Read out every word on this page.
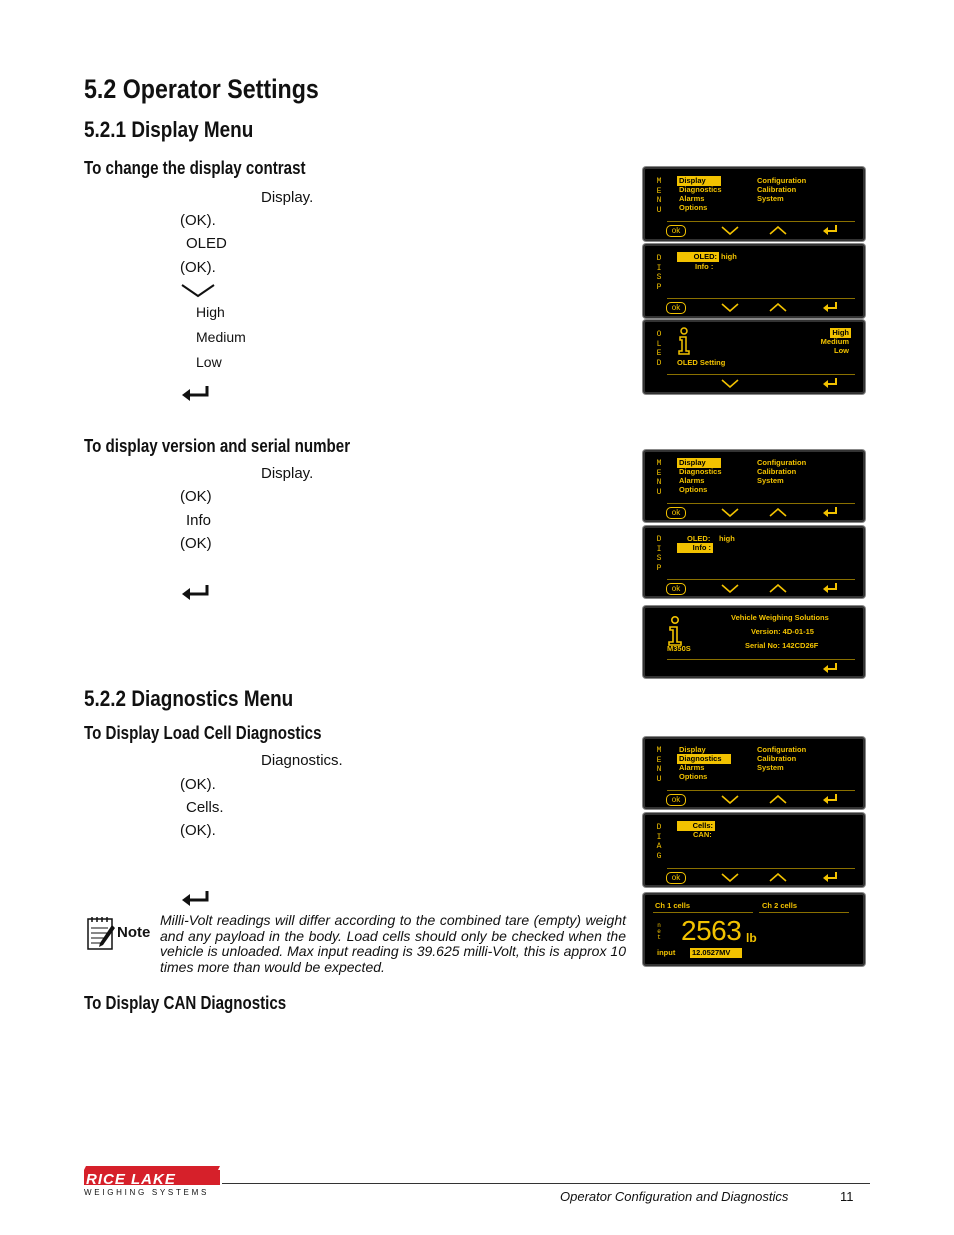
5.2 Operator Settings
5.2.1 Display Menu
To change the display contrast
Display.
(OK).
OLED
(OK).
High
Medium
Low
To display version and serial number
Display.
(OK)
Info
(OK)
5.2.2 Diagnostics Menu
To Display Load Cell Diagnostics
Diagnostics.
(OK).
Cells.
(OK).
Note
Milli-Volt readings will differ according to the combined tare (empty) weight and any payload in the body. Load cells should only be checked when the vehicle is unloaded. Max input reading is 39.625 milli-Volt, this is approx 10 times more than would be expected.
To Display CAN Diagnostics
M
E
N
U
Display
Diagnostics
Alarms
Options
Configuration
Calibration
System
ok
D
I
S
P
OLED: high
Info :
ok
O
L
E
D OLED Setting
High
Medium
Low
M
E
N
U
Display
Diagnostics
Alarms
Options
Configuration
Calibration
System
ok
D
I
S
P
OLED: high
Info :
ok
M350S
Vehicle Weighing Solutions
Version: 4D-01-15
Serial No: 142CD26F
M
E
N
U
Display
Diagnostics
Alarms
Options
Configuration
Calibration
System
ok
D
I
A
G
Cells:
CAN:
ok
Ch 1 cells	Ch 2 cells
n
e
t 2563 lb
input 12.0527MV
RICE LAKE
WEIGHING SYSTEMS	Operator Configuration and Diagnostics	11
